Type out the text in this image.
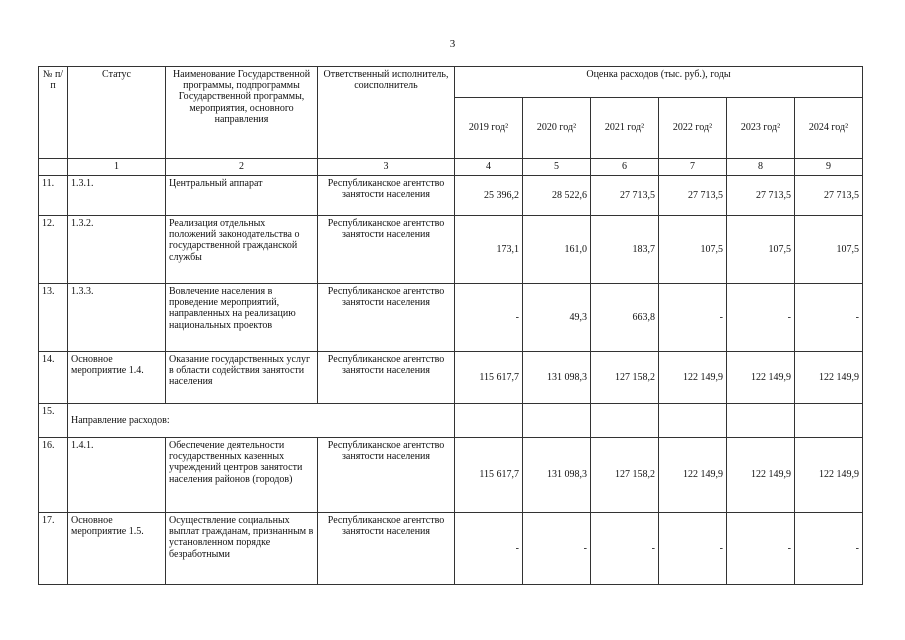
3
№ п/п	Статус	Наименование Государственной программы, подпрограммы Государственной программы, мероприятия, основного направления	Ответственный исполнитель, соисполнитель	Оценка расходов (тыс. руб.), годы					
				2019 год²	2020 год²	2021 год²	2022 год²	2023 год²	2024 год²
	1	2	3	4	5	6	7	8	9
11.	1.3.1.	Центральный аппарат	Республиканское агентство занятости населения	25 396,2	28 522,6	27 713,5	27 713,5	27 713,5	27 713,5
12.	1.3.2.	Реализация отдельных положений законодательства о государственной гражданской службы	Республиканское агентство занятости населения	173,1	161,0	183,7	107,5	107,5	107,5
13.	1.3.3.	Вовлечение населения в проведение мероприятий, направленных на реализацию национальных проектов	Республиканское агентство занятости населения	-	49,3	663,8	-	-	-
14.	Основное мероприятие 1.4.	Оказание государственных услуг в области содействия занятости населения	Республиканское агентство занятости населения	115 617,7	131 098,3	127 158,2	122 149,9	122 149,9	122 149,9
15.	Направление расходов:								
16.	1.4.1.	Обеспечение деятельности государственных казенных учреждений центров занятости населения районов (городов)	Республиканское агентство занятости населения	115 617,7	131 098,3	127 158,2	122 149,9	122 149,9	122 149,9
17.	Основное мероприятие 1.5.	Осуществление социальных выплат гражданам, признанным в установленном порядке безработными	Республиканское агентство занятости населения	-	-	-	-	-	-
